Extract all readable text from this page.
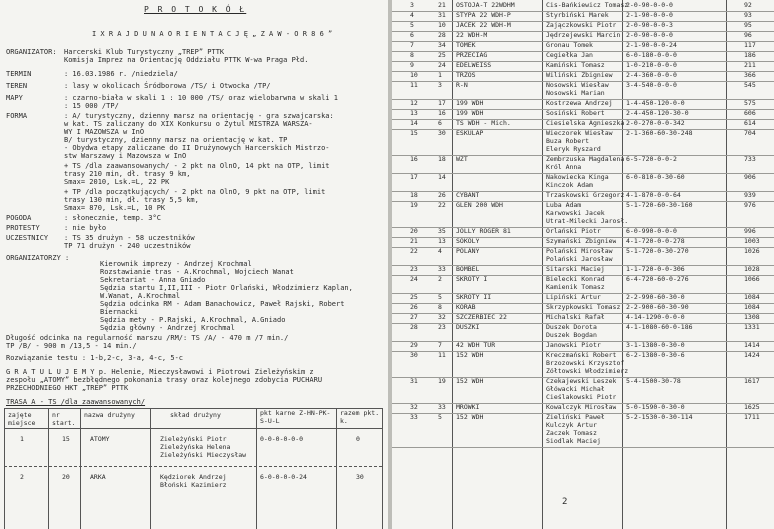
P R O T O K Ó Ł
I X R A J D U N A O R I E N T A C J Ę „ Z A W - O R 8 6 ”
ORGANIZATOR: Harcerski Klub Turystyczny „TREP” PTTK
Komisja Imprez na Orientację Oddziału PTTK W-wa Praga Płd.
TERMIN	: 16.03.1986 r. /niedziela/
TEREN	: lasy w okolicach Śródborowa /TS/ i Otwocka /TP/
MAPY	: czarno-biała w skali 1 : 10 000 /TS/ oraz wielobarwna w skali 1
: 15 000 /TP/
FORMA	: A/ turystyczny, dzienny marsz na orientację - gra szwajcarska:
w kat. TS zaliczany do XIX Konkursu o Żytul MISTRZA WARSZA-
WY I MAZOWSZA w InO
B/ turystyczny, dzienny marsz na orientację w kat. TP
- Obydwa etapy zaliczane do II Drużynowych Harcerskich Mistrzo-
stw Warszawy i Mazowsza w InO
+ TS /dla zaawansowanych/ - 2 pkt na OlnO, 14 pkt na OTP, limit
trasy 210 min, dł. trasy 9 km,
Smax= 2010, Lsk.=L, 22 PK
+ TP /dla początkujących/ - 2 pkt na OlnO, 9 pkt na OTP, limit
trasy 130 min, dł. trasy 5,5 km,
Smax= 870, Lsk.=L, 10 PK
POGODA	: słonecznie, temp. 3°C
PROTESTY	: nie było
UCZESTNICY : TS 35 drużyn - 58 uczestników
TP 71 drużyn - 240 uczestników
ORGANIZATORZY :
Kierownik imprezy - Andrzej Krochmal
Rozstawianie tras - A.Krochmal, Wojciech Wanat
Sekretariat - Anna Gniado
Sędzia startu I,II,III - Piotr Orlański, Włodzimierz Kaplan,
W.Wanat, A.Krochmal
Sędzia odcinka RM - Adam Banachowicz, Paweł Rajski, Robert
Biernacki
Sędzia mety - P.Rajski, A.Krochmal, A.Gniado
Sędzia główny - Andrzej Krochmal
Długość odcinka na regularność marszu /RM/: TS /A/ - 470 m /7 min./
TP /B/ - 900 m /13,5 - 14 min./
Rozwiązanie testu : 1-b,2-c, 3-a, 4-c, 5-c
G R A T U L U J E M Y p. Helenie, Mieczysławowi i Piotrowi Zieleżyńskim z
zespołu „ATOMY” bezbłędnego pokonania trasy oraz kolejnego zdobycia PUCHARU
PRZECHODNIEGO HKT „TREP” PTTK
TRASA A - TS /dla zaawansowanych/
zajęte miejsce
nr start.
nazwa drużyny	skład drużyny	pkt karne Z-HN-PK-S-U-L
razem pkt. k.
1	15	ATOMY	Zieleżyński Piotr
Zieleżyńska Helena
Zieleżyński Mieczysław
0-0-0-0-0-0	0
2	20	ARKA	Kędziorek Andrzej
Błoński Kazimierz
6-0-0-0-0-24	30
3	21 OSTOJA-T 22WDHM	Cis-Bańkiewicz Tomasz
2-0-90-0-0-0	92
4	31 STYPA 22 WDH-P	Styrbiński Marek	2-1-90-0-0-0	93
5	10 JACEK 22 WDH-M	Zajączkowski Piotr 2-0-90-0-0-3	95
6	28 22 WDH-M	Jędrzejewski Marcin 2-0-90-0-0-0	96
7	34 TOMEK	Gronau Tomek	2-1-90-0-0-24	117
8	25 PRZECIAG	Cegiełka Jan	6-0-180-0-0-0	186
9	24 EDELWEISS	Kamiński Tomasz	1-0-210-0-0-0	211
10	1 TRZOS	Wiliński Zbigniew 2-4-360-0-0-0	366
11	3 R-N	Nosowski Wiesław
Nosowski Marian
3-4-540-0-0-0	545
12	17 199 WDH	Kostrzewa Andrzej 1-4-450-120-0-0	575
13	16 199 WDH	Sosiński Robert	2-4-450-120-30-0	606
14	6 TS WDH - Mich.	Ciesielska Agnieszka 2-0-270-0-0-342	614
15	30 ESKULAP	Wieczorek Wiesław
Buza Robert
Eleryk Ryszard
2-1-360-60-30-248	704
16	18 WZT	Zembrzuska Magdalena
Król Anna
6-5-720-0-0-2	733
17	14	Nakowiecka Kinga
Kinczok Adam
6-0-810-0-30-60	906
18	26 CYBANT	Trzaskowski Grzegorz 4-1-870-0-0-64	939
19	22 GLEN 200 WDH	Luba Adam
Karwowski Jacek
Utrat-Milecki Jarosł.
5-1-720-60-30-160	976
20	35 JOLLY ROGER 81	Orlański Piotr	6-0-990-0-0-0	996
21	13 SOKOLY	Szymański Zbigniew 4-1-720-0-0-278	1003
22	4 POLANY	Polański Mirosław
Polański Jarosław
5-1-720-0-30-270	1026
23	33 BOMBEL	Sitarski Maciej	1-1-720-0-0-306	1028
24	2 SKROTY I	Bielecki Konrad
Kamienik Tomasz
6-4-720-60-0-276	1066
25	5 SKROTY II	Lipiński Artur	2-2-990-60-30-0	1084
26	8 KORAB	Skrzypkowski Tomasz 2-2-900-60-30-90	1084
27	32 SZCZERBIEC 22	Michalski Rafał	4-14-1290-0-0-0	1308
28	23 DUSZKI	Duszek Dorota
Duszek Bogdan
4-1-1080-60-0-186	1331
29	7 42 WDH TUR	Janowski Piotr	3-1-1380-0-30-0	1414
30	11 152 WDH	Kreczmański Robert
Brzozowski Krzysztof
Żółtowski Włodzimierz
6-2-1380-0-30-6	1424
31	19 152 WDH	Czekajewski Leszek
Główacki Michał
Cieślakowski Piotr
5-4-1500-30-78	1617
32	33 MROWKI	Kowalczyk Mirosław 5-0-1590-0-30-0	1625
33	5 152 WDH	Zieliński Paweł
Kulczyk Artur
Zaczek Tomasz
Siodlak Maciej
5-2-1530-0-30-114	1711
2
